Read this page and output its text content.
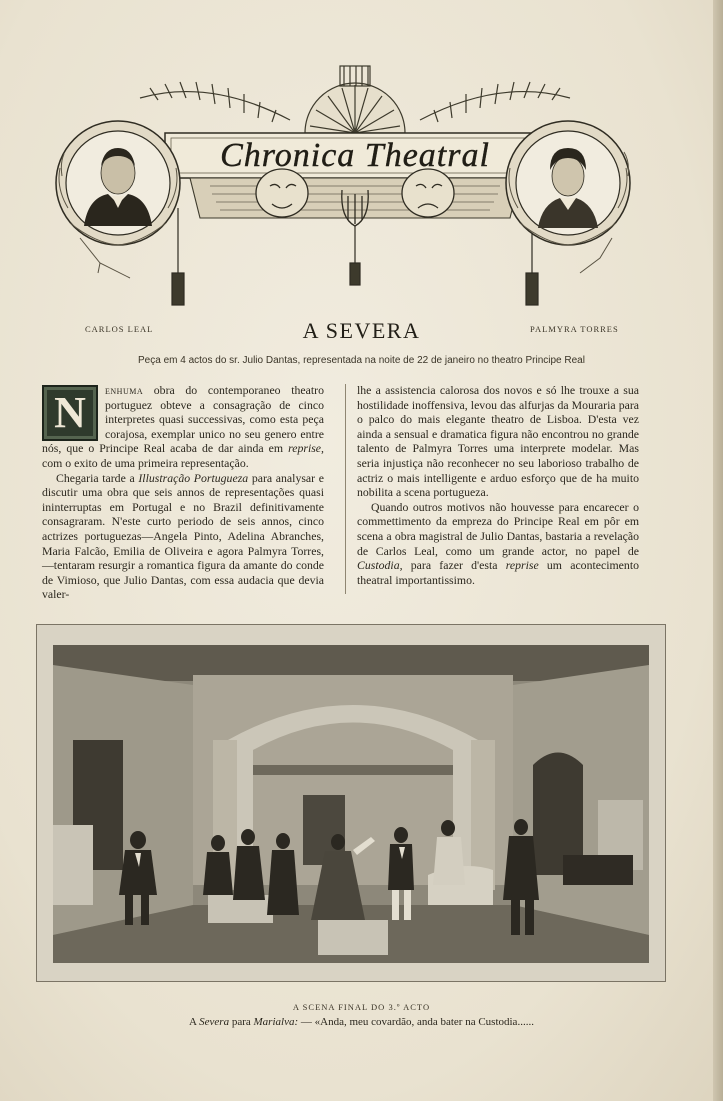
Chronica Theatral
CARLOS LEAL	PALMYRA TORRES
A SEVERA
Peça em 4 actos do sr. Julio Dantas, representada na noite de 22 de janeiro no theatro Principe Real

N	enhuma obra do contemporaneo theatro portuguez obteve a consagração de cinco interpretes quasi successivas, como esta peça corajosa, exemplar unico no seu genero entre nós, que o Principe Real acaba de dar ainda em reprise, com o exito de uma primeira representação.

Chegaria tarde a Illustração Portugueza para analysar e discutir uma obra que seis annos de representações quasi ininterruptas em Portugal e no Brazil definitivamente consagraram. N'este curto periodo de seis annos, cinco actrizes portuguezas—Angela Pinto, Adelina Abranches, Maria Falcão, Emilia de Oliveira e agora Palmyra Torres, —tentaram resurgir a romantica figura da amante do conde de Vimioso, que Julio Dantas, com essa audacia que devia valer-

lhe a assistencia calorosa dos novos e só lhe trouxe a sua hostilidade inoffensiva, levou das alfurjas da Mouraria para o palco do mais elegante theatro de Lisboa. D'esta vez ainda a sensual e dramatica figura não encontrou no grande talento de Palmyra Torres uma interprete modelar. Mas seria injustiça não reconhecer no seu laborioso trabalho de actriz o mais intelligente e arduo esforço que de ha muito nobilita a scena portugueza.

Quando outros motivos não houvesse para encarecer o commettimento da empreza do Principe Real em pôr em scena a obra magistral de Julio Dantas, bastaria a revelação de Carlos Leal, como um grande actor, no papel de Custodia, para fazer d'esta reprise um acontecimento theatral importantissimo.

A SCENA FINAL DO 3.º ACTO
A Severa para Marialva: — «Anda, meu covardão, anda bater na Custodia......
